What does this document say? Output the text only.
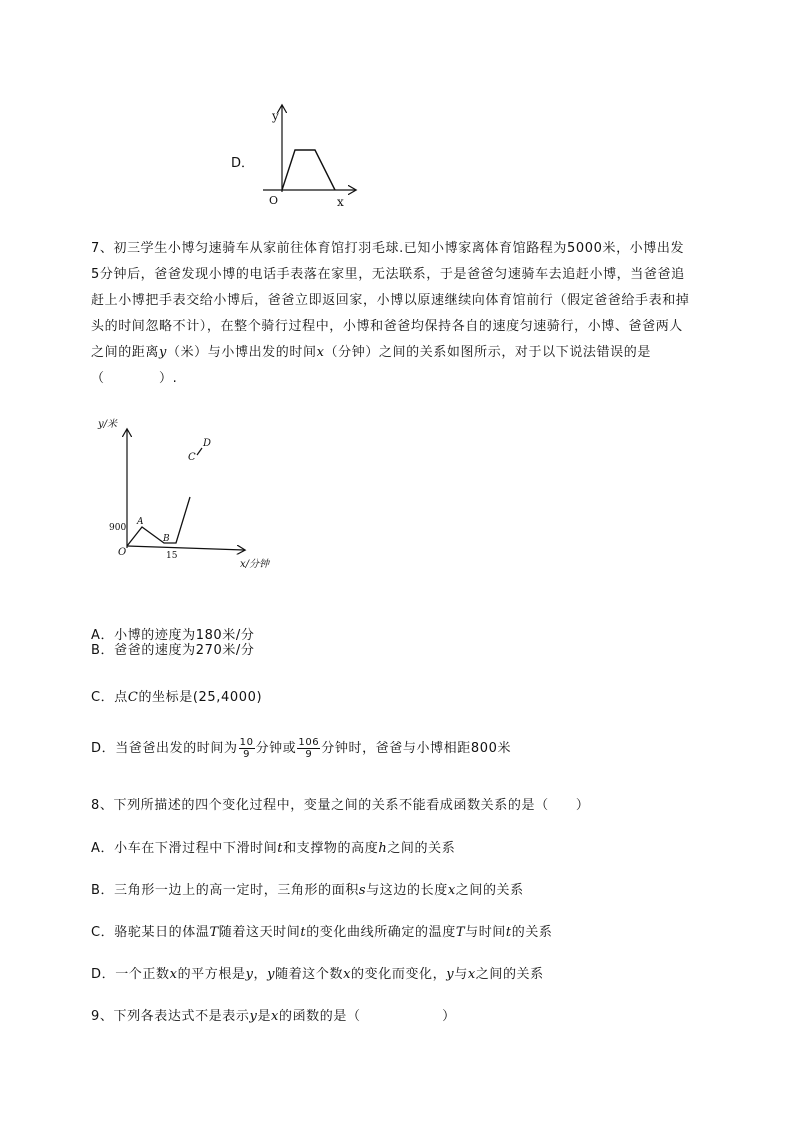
D．
y
O	x
7、初三学生小博匀速骑车从家前往体育馆打羽毛球.已知小博家离体育馆路程为5000米，小博出发
5分钟后，爸爸发现小博的电话手表落在家里，无法联系，于是爸爸匀速骑车去追赶小博，当爸爸追
赶上小博把手表交给小博后，爸爸立即返回家，小博以原速继续向体育馆前行（假定爸爸给手表和掉
头的时间忽略不计），在整个骑行过程中，小博和爸爸均保持各自的速度匀速骑行，小博、爸爸两人
之间的距离y（米）与小博出发的时间x（分钟）之间的关系如图所示，对于以下说法错误的是
（　　　　）.
y/米
900
O
A
B
15
C
D
x/分钟
A．小博的迹度为180米/分
B．爸爸的速度为270米/分
C．点C的坐标是(25,4000)
D．当爸爸出发的时间为 $\frac{10}{9}$ 分钟或 $\frac{106}{9}$ 分钟时，爸爸与小博相距800米
8、下列所描述的四个变化过程中，变量之间的关系不能看成函数关系的是（　　）
A．小车在下滑过程中下滑时间t和支撑物的高度h之间的关系
B．三角形一边上的高一定时，三角形的面积s与这边的长度x之间的关系
C．骆驼某日的体温T随着这天时间t的变化曲线所确定的温度T与时间t的关系
D．一个正数x的平方根是y，y随着这个数x的变化而变化，y与x之间的关系
9、下列各表达式不是表示y是x的函数的是（　　　　　　）
